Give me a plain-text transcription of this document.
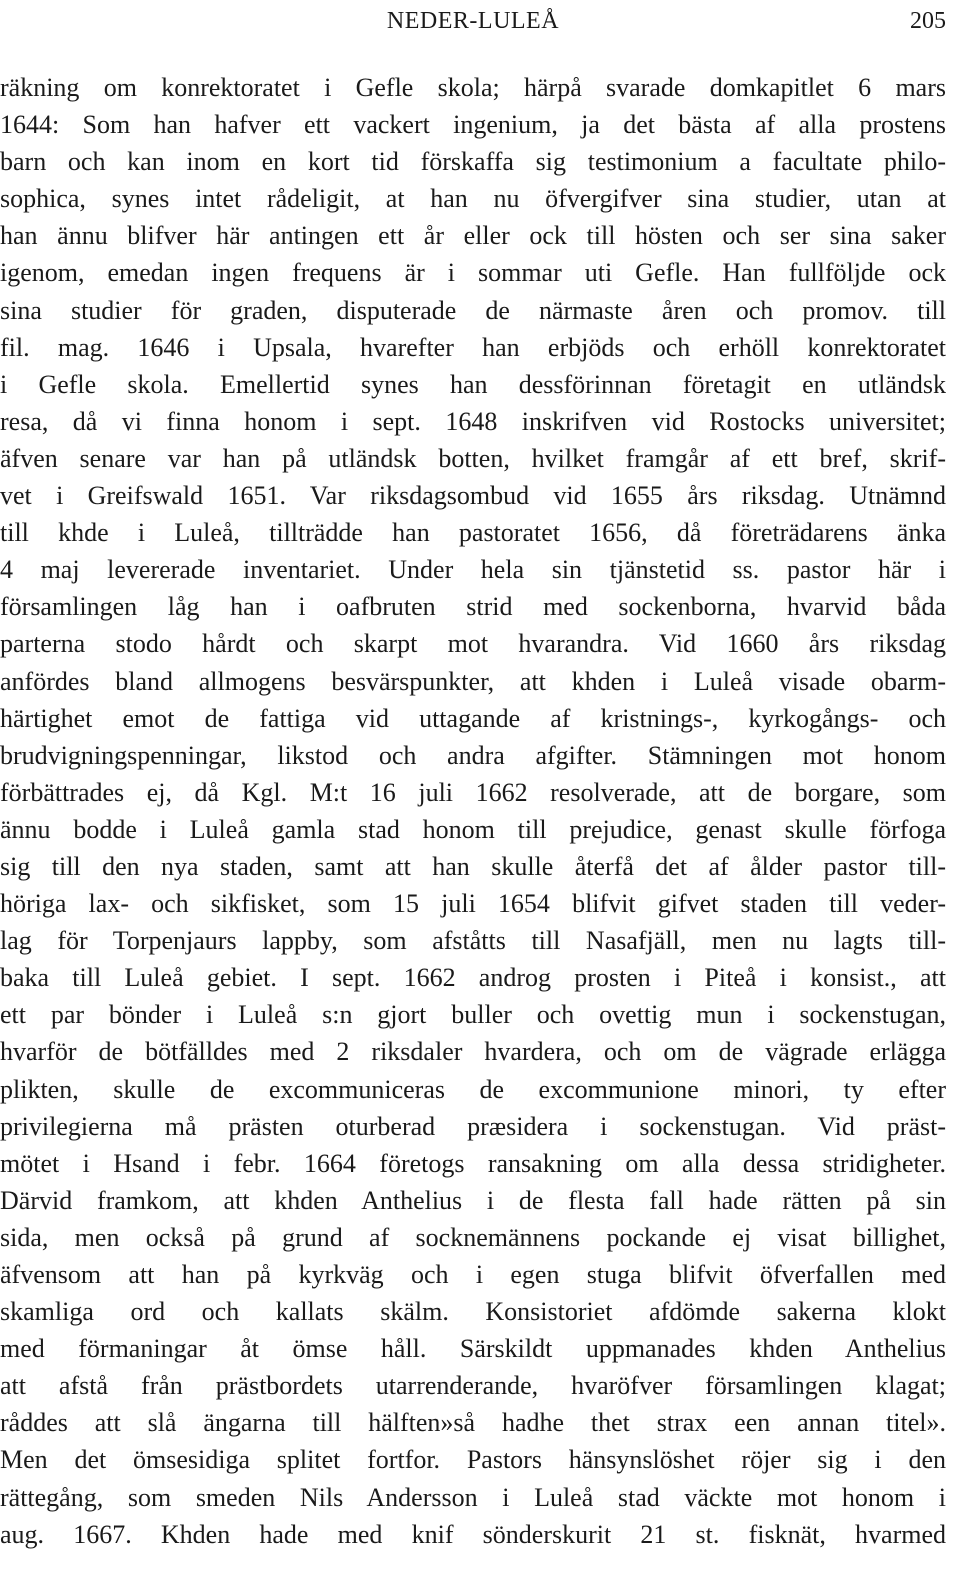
NEDER-LULEÅ	205
räkning om konrektoratet i Gefle skola; härpå svarade domkapitlet 6 mars
1644: Som han hafver ett vackert ingenium, ja det bästa af alla prostens
barn och kan inom en kort tid förskaffa sig testimonium a facultate philo-
sophica, synes intet rådeligit, at han nu öfvergifver sina studier, utan at
han ännu blifver här antingen ett år eller ock till hösten och ser sina saker
igenom, emedan ingen frequens är i sommar uti Gefle. Han fullföljde ock
sina studier för graden, disputerade de närmaste åren och promov. till
fil. mag. 1646 i Upsala, hvarefter han erbjöds och erhöll konrektoratet
i Gefle skola. Emellertid synes han dessförinnan företagit en utländsk
resa, då vi finna honom i sept. 1648 inskrifven vid Rostocks universitet;
äfven senare var han på utländsk botten, hvilket framgår af ett bref, skrif-
vet i Greifswald 1651. Var riksdagsombud vid 1655 års riksdag. Utnämnd
till khde i Luleå, tillträdde han pastoratet 1656, då företrädarens änka
4 maj levererade inventariet. Under hela sin tjänstetid ss. pastor här i
församlingen låg han i oafbruten strid med sockenborna, hvarvid båda
parterna stodo hårdt och skarpt mot hvarandra. Vid 1660 års riksdag
anfördes bland allmogens besvärspunkter, att khden i Luleå visade obarm-
härtighet emot de fattiga vid uttagande af kristnings-, kyrkogångs- och
brudvigningspenningar, likstod och andra afgifter. Stämningen mot honom
förbättrades ej, då Kgl. M:t 16 juli 1662 resolverade, att de borgare, som
ännu bodde i Luleå gamla stad honom till prejudice, genast skulle förfoga
sig till den nya staden, samt att han skulle återfå det af ålder pastor till-
höriga lax- och sikfisket, som 15 juli 1654 blifvit gifvet staden till veder-
lag för Torpenjaurs lappby, som afståtts till Nasafjäll, men nu lagts till-
baka till Luleå gebiet. I sept. 1662 androg prosten i Piteå i konsist., att
ett par bönder i Luleå s:n gjort buller och ovettig mun i sockenstugan,
hvarför de bötfälldes med 2 riksdaler hvardera, och om de vägrade erlägga
plikten, skulle de excommuniceras de excommunione minori, ty efter
privilegierna må prästen oturberad præsidera i sockenstugan. Vid präst-
mötet i Hsand i febr. 1664 företogs ransakning om alla dessa stridigheter.
Därvid framkom, att khden Anthelius i de flesta fall hade rätten på sin
sida, men också på grund af socknemännens pockande ej visat billighet,
äfvensom att han på kyrkväg och i egen stuga blifvit öfverfallen med
skamliga ord och kallats skälm. Konsistoriet afdömde sakerna klokt
med förmaningar åt ömse håll. Särskildt uppmanades khden Anthelius
att afstå från prästbordets utarrenderande, hvaröfver församlingen klagat;
råddes att slå ängarna till hälften»så hadhe thet strax een annan titel».
Men det ömsesidiga splitet fortfor. Pastors hänsynslöshet röjer sig i den
rättegång, som smeden Nils Andersson i Luleå stad väckte mot honom i
aug. 1667. Khden hade med knif sönderskurit 21 st. fisknät, hvarmed
